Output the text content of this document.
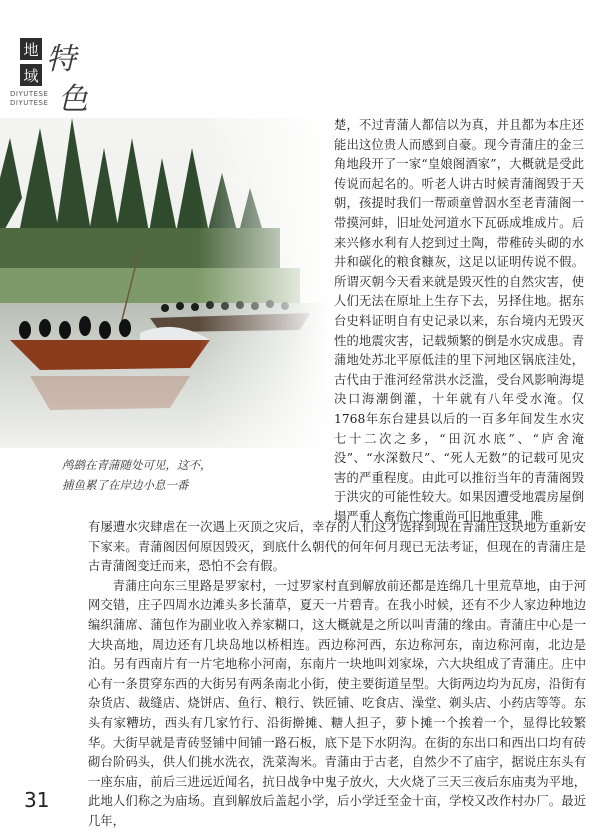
地
域 特
色
DIYUTESE
DIYUTESE
鸬鹚在青蒲随处可见，这不，
捕鱼累了在岸边小息一番
楚，不过青蒲人都信以为真，并且都为本庄还能出这位贵人而感到自豪。现今青蒲庄的金三角地段开了一家“皇娘阁酒家”，大概就是受此传说而起名的。听老人讲古时候青蒲阁毁于天朝，孩提时我们一帮顽童曾泅水至老青蒲阁一带摸河蚌，旧址处河道水下瓦砾成堆成片。后来兴修水利有人挖到过土陶，带稚砖头砌的水井和碳化的粮食糠灰，这足以证明传说不假。所谓灭朝今天看来就是毁灭性的自然灾害，使人们无法在原址上生存下去，另择住地。据东台史料证明自有史记录以来，东台境内无毁灭性的地震灾害，记载频繁的倒是水灾成患。青蒲地处苏北平原低洼的里下河地区锅底洼处，古代由于淮河经常洪水泛滥，受台风影响海堤决口海潮倒灌，十年就有八年受水淹。仅1768年东台建县以后的一百多年间发生水灾七十二次之多，“田沉水底”、“庐舍淹没”、“水深数尺”、“死人无数”的记载可见灾害的严重程度。由此可以推衍当年的青蒲阁毁于洪灾的可能性较大。如果因遭受地震房屋倒塌严重人畜伤亡惨重尚可旧地重建，唯

有屡遭水灾肆虐在一次遇上灭顶之灾后，幸存的人们这才选择到现在青蒲庄这块地方重新安下家来。青蒲阁因何原因毁灭，到底什么朝代的何年何月现已无法考证，但现在的青蒲庄是古青蒲阁变迁而来，恐怕不会有假。

青蒲庄向东三里路是罗家村，一过罗家村直到解放前还都是连绵几十里荒草地，由于河网交错，庄子四周水边滩头多长蒲草，夏天一片碧青。在我小时候，还有不少人家边种地边编织蒲席、蒲包作为副业收入养家糊口，这大概就是之所以叫青蒲的缘由。青蒲庄中心是一大块高地，周边还有几块岛地以桥相连。西边称河西，东边称河东，南边称河南，北边是泊。另有西南片有一片宅地称小河南，东南片一块地叫刘家垛，六大块组成了青蒲庄。庄中心有一条贯穿东西的大街另有两条南北小街，使主要街道呈型。大街两边均为瓦房，沿街有杂货店、裁缝店、烧饼店、鱼行、粮行、铁匠铺、吃食店、澡堂、剃头店、小药店等等。东头有家糟坊，西头有几家竹行、沿街擀摊、糖人担子，萝卜摊一个挨着一个，显得比较繁华。大街早就是青砖竖铺中间铺一路石板，底下是下水阴沟。在街的东出口和西出口均有砖砌台阶码头，供人们挑水洗衣，洗菜淘米。青蒲由于古老，自然少不了庙宇，据说庄东头有一座东庙，前后三进远近闻名，抗日战争中鬼子放火，大火烧了三天三夜后东庙夷为平地，此地人们称之为庙场。直到解放后盖起小学，后小学迁至金十亩，学校又改作村办厂。最近几年，

31
